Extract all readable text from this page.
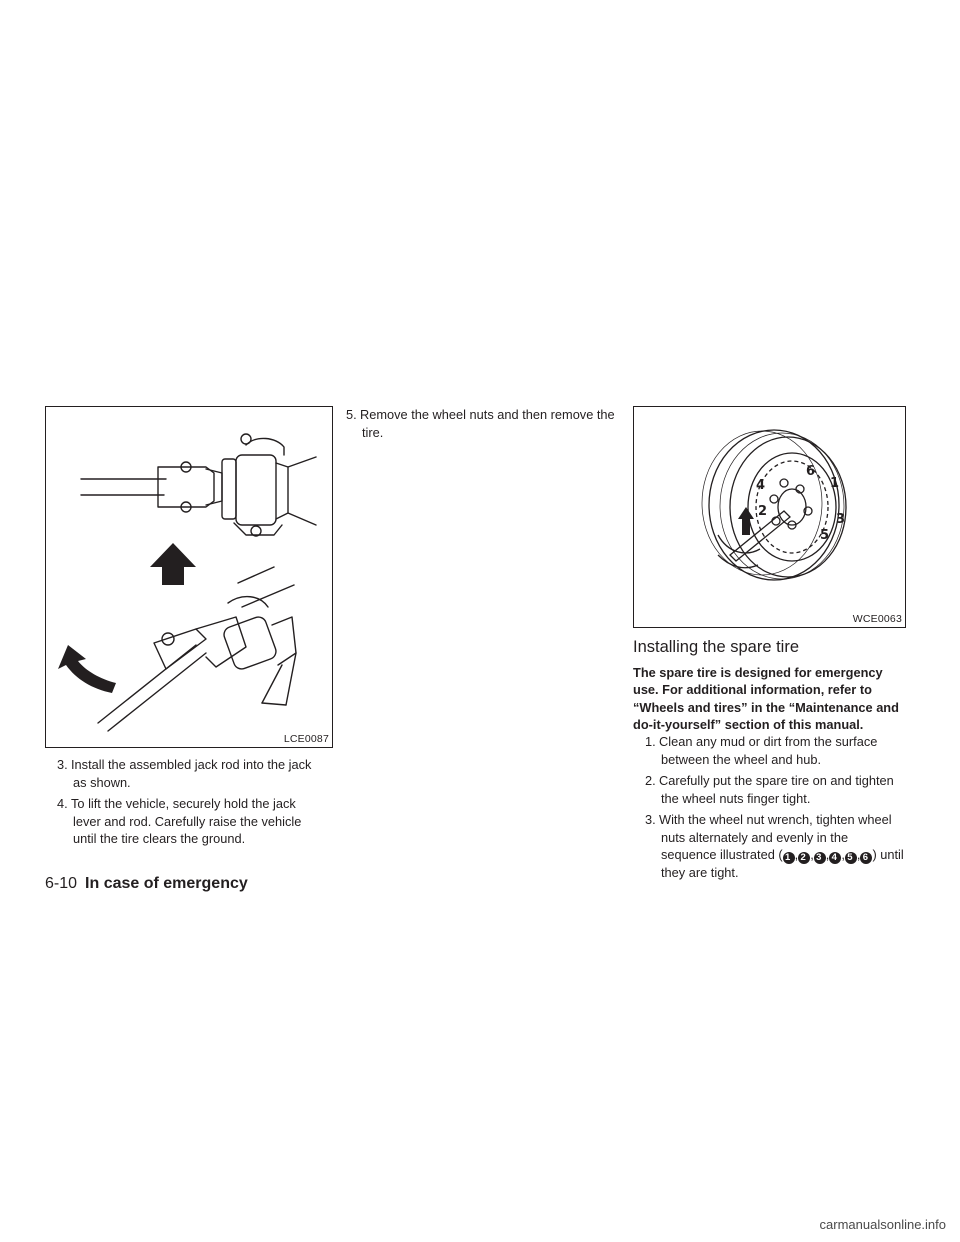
LCE0087
3. Install the assembled jack rod into the jack as shown.
4. To lift the vehicle, securely hold the jack lever and rod. Carefully raise the vehicle until the tire clears the ground.
5. Remove the wheel nuts and then remove the tire.
6
1
4
2
3
5
WCE0063
Installing the spare tire
The spare tire is designed for emergency use. For additional information, refer to “Wheels and tires” in the “Maintenance and do-it-yourself” section of this manual.
1. Clean any mud or dirt from the surface between the wheel and hub.
2. Carefully put the spare tire on and tighten the wheel nuts finger tight.
3. With the wheel nut wrench, tighten wheel nuts alternately and evenly in the sequence illustrated ( 1 , 2 , 3 , 4 , 5 , 6 ) until they are tight.
6-10 In case of emergency
carmanualsonline.info
